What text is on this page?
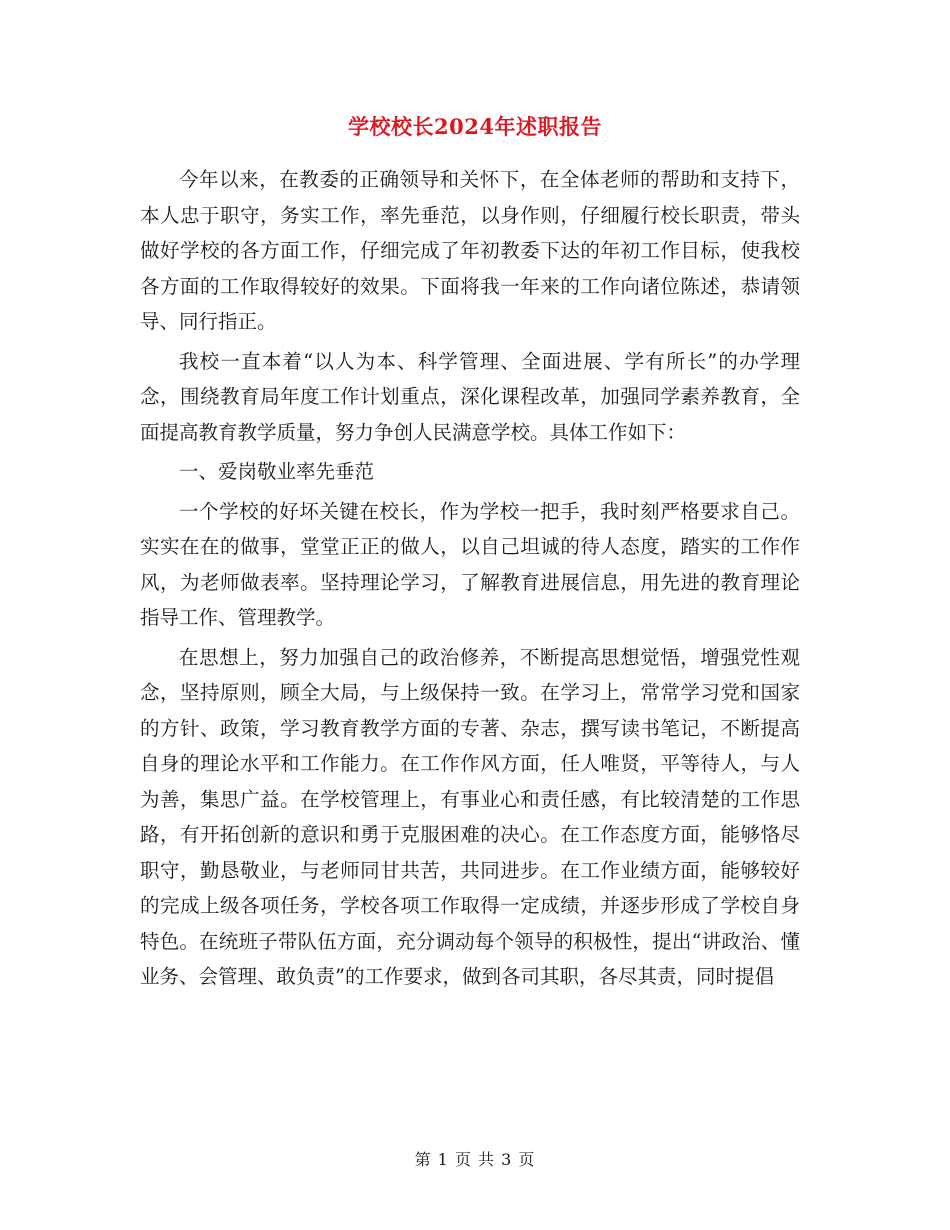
学校校长2024年述职报告

今年以来，在教委的正确领导和关怀下，在全体老师的帮助和支持下，本人忠于职守，务实工作，率先垂范，以身作则，仔细履行校长职责，带头做好学校的各方面工作，仔细完成了年初教委下达的年初工作目标，使我校各方面的工作取得较好的效果。下面将我一年来的工作向诸位陈述，恭请领导、同行指正。

我校一直本着“以人为本、科学管理、全面进展、学有所长”的办学理念，围绕教育局年度工作计划重点，深化课程改革，加强同学素养教育，全面提高教育教学质量，努力争创人民满意学校。具体工作如下：

一、爱岗敬业率先垂范

一个学校的好坏关键在校长，作为学校一把手，我时刻严格要求自己。实实在在的做事，堂堂正正的做人，以自己坦诚的待人态度，踏实的工作作风，为老师做表率。坚持理论学习，了解教育进展信息，用先进的教育理论指导工作、管理教学。

在思想上，努力加强自己的政治修养，不断提高思想觉悟，增强党性观念，坚持原则，顾全大局，与上级保持一致。在学习上，常常学习党和国家的方针、政策，学习教育教学方面的专著、杂志，撰写读书笔记，不断提高自身的理论水平和工作能力。在工作作风方面，任人唯贤，平等待人，与人为善，集思广益。在学校管理上，有事业心和责任感，有比较清楚的工作思路，有开拓创新的意识和勇于克服困难的决心。在工作态度方面，能够恪尽职守，勤恳敬业，与老师同甘共苦，共同进步。在工作业绩方面，能够较好的完成上级各项任务，学校各项工作取得一定成绩，并逐步形成了学校自身特色。在统班子带队伍方面，充分调动每个领导的积极性，提出“讲政治、懂业务、会管理、敢负责”的工作要求，做到各司其职，各尽其责，同时提倡

第 1 页 共 3 页
